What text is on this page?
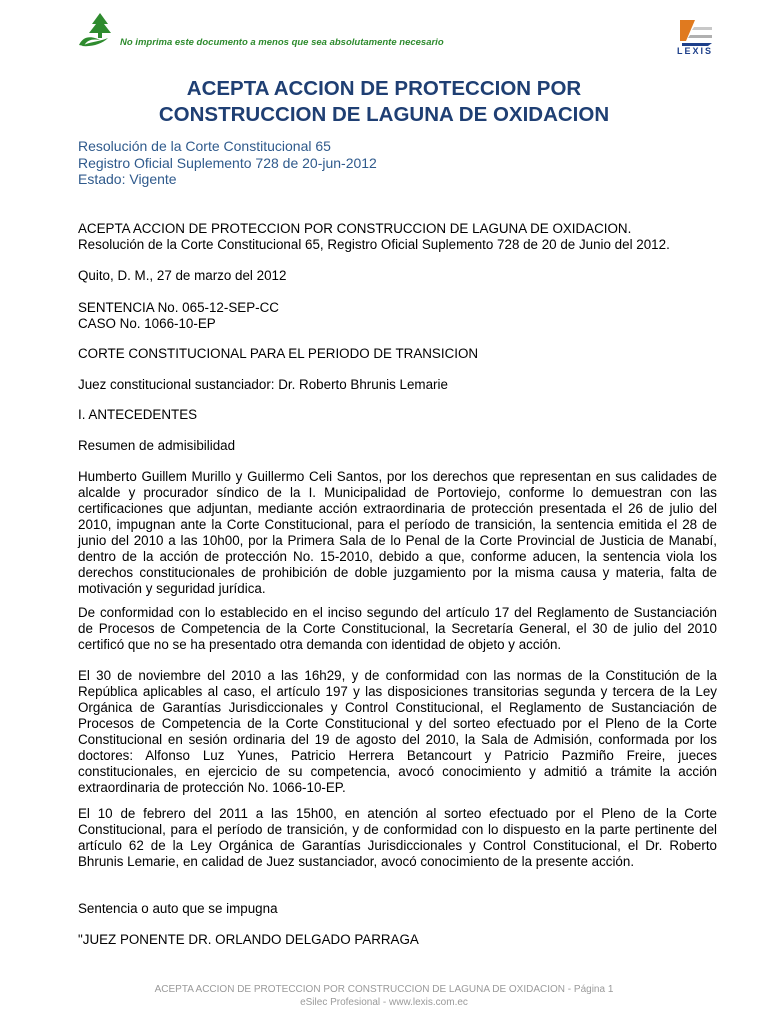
No imprima este documento a menos que sea absolutamente necesario
LEXIS
ACEPTA ACCION DE PROTECCION POR
CONSTRUCCION DE LAGUNA DE OXIDACION
Resolución de la Corte Constitucional 65
Registro Oficial Suplemento 728 de 20-jun-2012
Estado: Vigente

ACEPTA ACCION DE PROTECCION POR CONSTRUCCION DE LAGUNA DE OXIDACION.

Resolución de la Corte Constitucional 65, Registro Oficial Suplemento 728 de 20 de Junio del 2012.

Quito, D. M., 27 de marzo del 2012

SENTENCIA No. 065-12-SEP-CC

CASO No. 1066-10-EP

CORTE CONSTITUCIONAL PARA EL PERIODO DE TRANSICION
Juez constitucional sustanciador: Dr. Roberto Bhrunis Lemarie
I. ANTECEDENTES
Resumen de admisibilidad
Humberto Guillem Murillo y Guillermo Celi Santos, por los derechos que representan en sus calidades de alcalde y procurador síndico de la I. Municipalidad de Portoviejo, conforme lo demuestran con las certificaciones que adjuntan, mediante acción extraordinaria de protección presentada el 26 de julio del 2010, impugnan ante la Corte Constitucional, para el período de transición, la sentencia emitida el 28 de junio del 2010 a las 10h00, por la Primera Sala de lo Penal de la Corte Provincial de Justicia de Manabí, dentro de la acción de protección No. 15-2010, debido a que, conforme aducen, la sentencia viola los derechos constitucionales de prohibición de doble juzgamiento por la misma causa y materia, falta de motivación y seguridad jurídica.
De conformidad con lo establecido en el inciso segundo del artículo 17 del Reglamento de Sustanciación de Procesos de Competencia de la Corte Constitucional, la Secretaría General, el 30 de julio del 2010 certificó que no se ha presentado otra demanda con identidad de objeto y acción.
El 30 de noviembre del 2010 a las 16h29, y de conformidad con las normas de la Constitución de la República aplicables al caso, el artículo 197 y las disposiciones transitorias segunda y tercera de la Ley Orgánica de Garantías Jurisdiccionales y Control Constitucional, el Reglamento de Sustanciación de Procesos de Competencia de la Corte Constitucional y del sorteo efectuado por el Pleno de la Corte Constitucional en sesión ordinaria del 19 de agosto del 2010, la Sala de Admisión, conformada por los doctores: Alfonso Luz Yunes, Patricio Herrera Betancourt y Patricio Pazmiño Freire, jueces constitucionales, en ejercicio de su competencia, avocó conocimiento y admitió a trámite la acción extraordinaria de protección No. 1066-10-EP.
El 10 de febrero del 2011 a las 15h00, en atención al sorteo efectuado por el Pleno de la Corte Constitucional, para el período de transición, y de conformidad con lo dispuesto en la parte pertinente del artículo 62 de la Ley Orgánica de Garantías Jurisdiccionales y Control Constitucional, el Dr. Roberto Bhrunis Lemarie, en calidad de Juez sustanciador, avocó conocimiento de la presente acción.
Sentencia o auto que se impugna
"JUEZ PONENTE DR. ORLANDO DELGADO PARRAGA
ACEPTA ACCION DE PROTECCION POR CONSTRUCCION DE LAGUNA DE OXIDACION - Página 1
eSilec Profesional - www.lexis.com.ec
